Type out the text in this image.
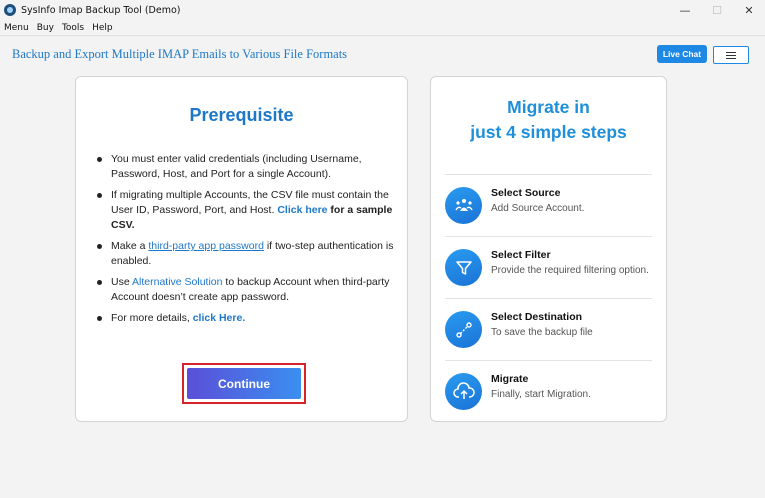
SysInfo Imap Backup Tool (Demo)	—	☐	✕
Menu Buy Tools Help
Backup and Export Multiple IMAP Emails to Various File Formats	Live Chat
Prerequisite
You must enter valid credentials (including Username, Password, Host, and Port for a single Account).
If migrating multiple Accounts, the CSV file must contain the User ID, Password, Port, and Host. Click here for a sample CSV.
Make a third-party app password if two-step authentication is enabled.
Use Alternative Solution to backup Account when third-party Account doesn’t create app password.
For more details, click Here.
Continue
Migrate in
just 4 simple steps
Select Source
Add Source Account.
Select Filter
Provide the required filtering option.
Select Destination
To save the backup file
Migrate
Finally, start Migration.
